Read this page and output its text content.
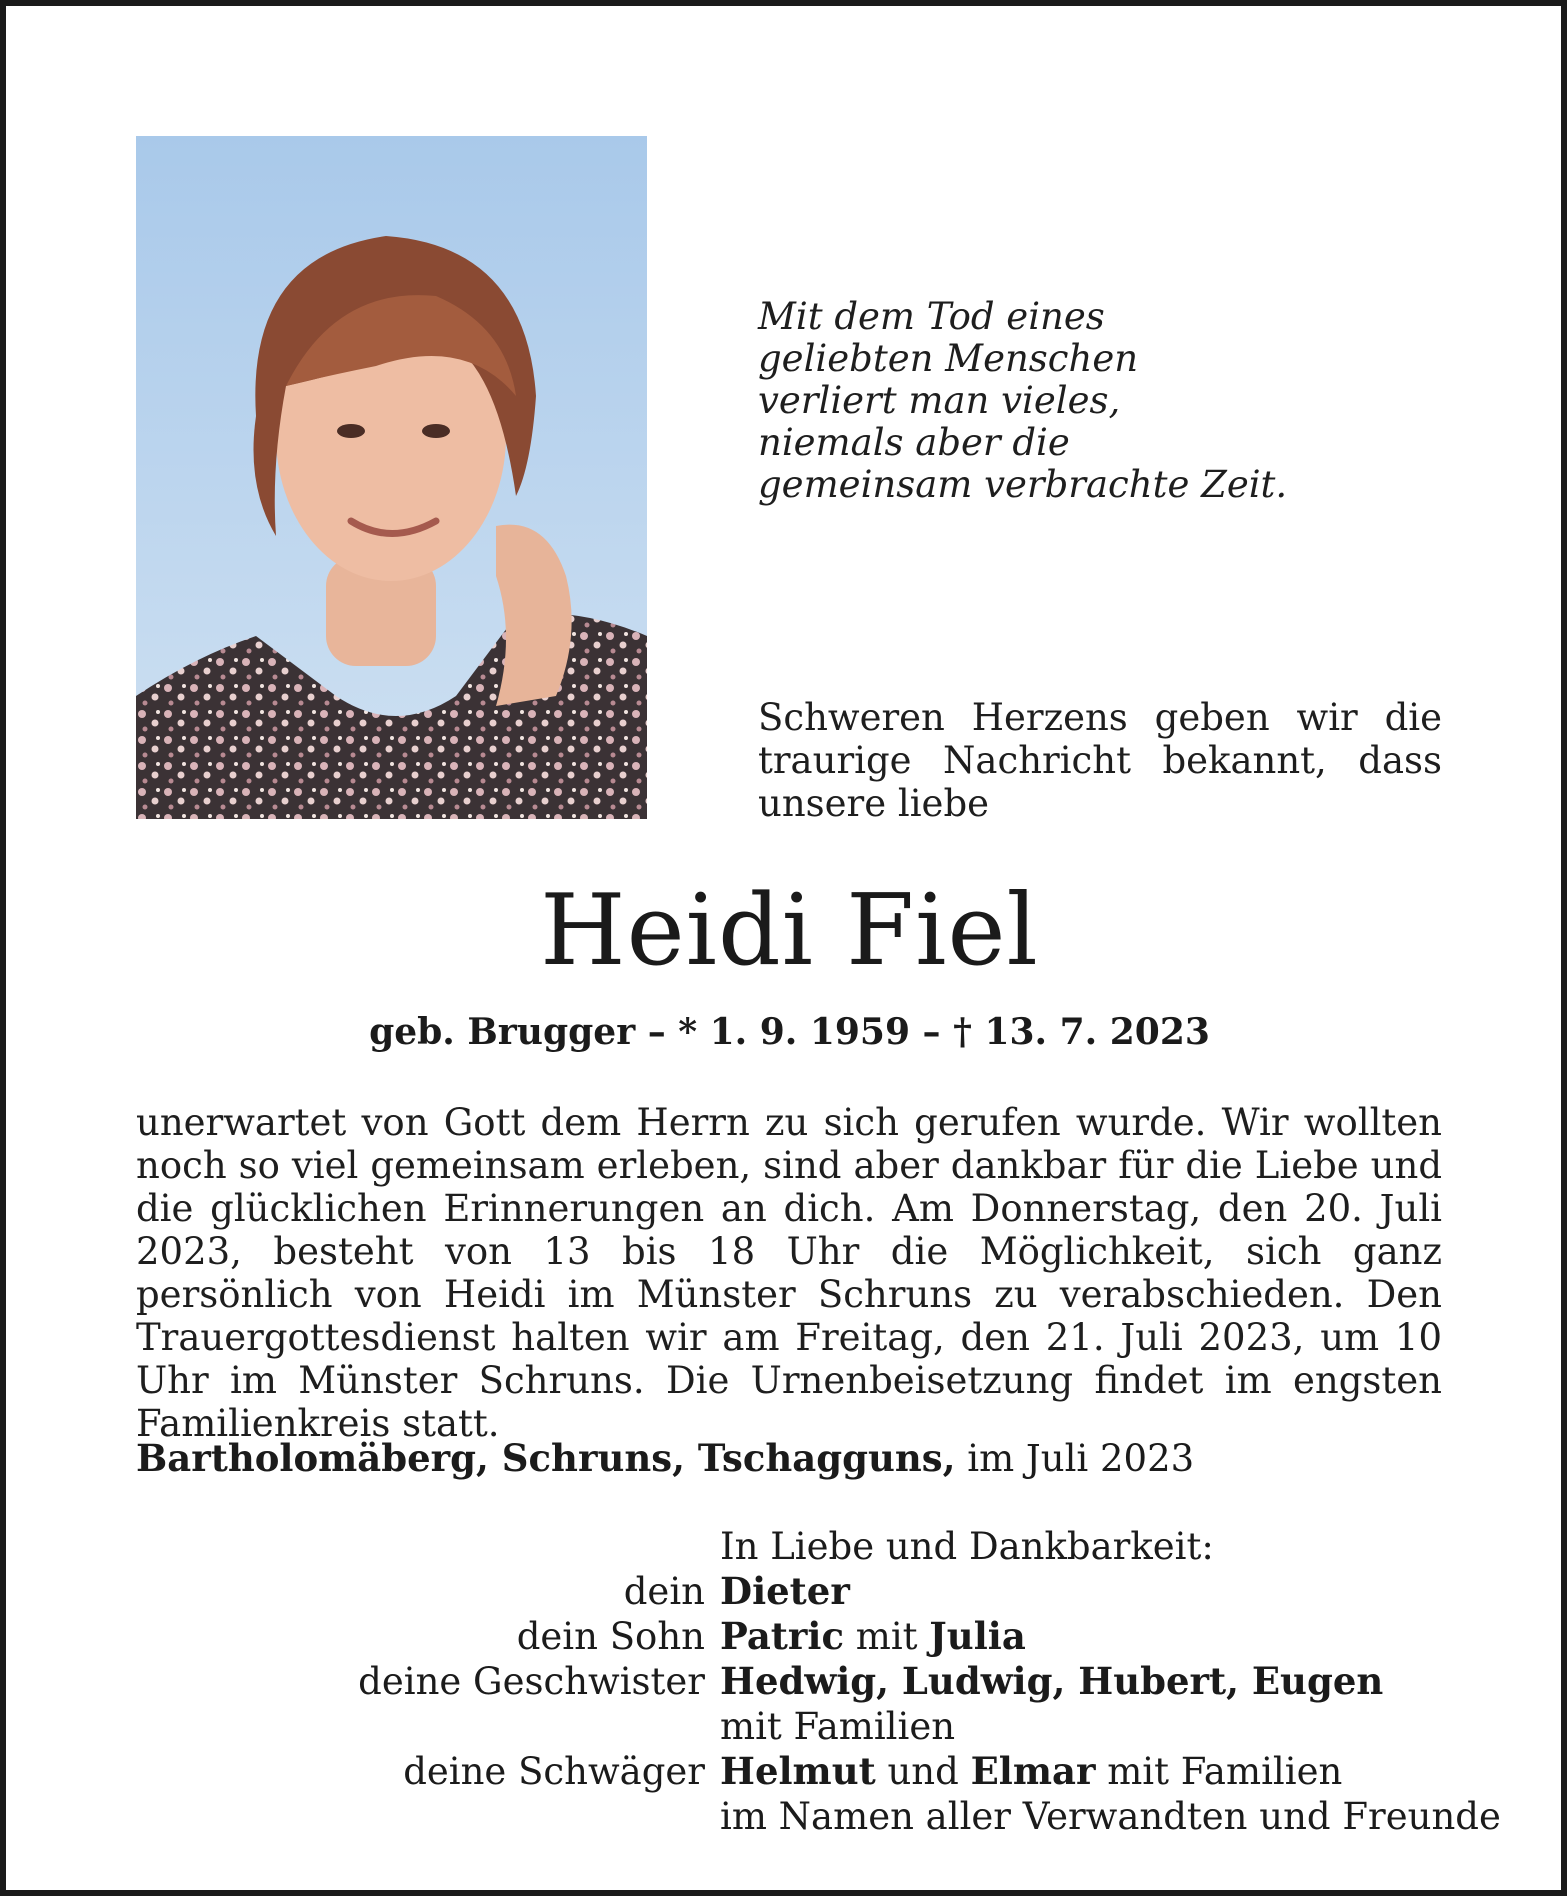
Mit dem Tod eines
geliebten Menschen
verliert man vieles,
niemals aber die
gemeinsam verbrachte Zeit.
Schweren Herzens geben wir die traurige Nachricht bekannt, dass unsere liebe
Heidi Fiel
geb. Brugger – * 1. 9. 1959 – † 13. 7. 2023
unerwartet von Gott dem Herrn zu sich gerufen wurde. Wir wollten noch so viel gemeinsam erleben, sind aber dankbar für die Liebe und die glücklichen Erinnerungen an dich. Am Donnerstag, den 20. Juli 2023, besteht von 13 bis 18 Uhr die Möglichkeit, sich ganz persönlich von Heidi im Münster Schruns zu verabschieden. Den Trauergottesdienst halten wir am Freitag, den 21. Juli 2023, um 10 Uhr im Münster Schruns. Die Urnenbeisetzung findet im engsten Familienkreis statt.
Bartholomäberg, Schruns, Tschagguns, im Juli 2023
In Liebe und Dankbarkeit:
dein Dieter
dein Sohn Patric mit Julia
deine Geschwister Hedwig, Ludwig, Hubert, Eugen
mit Familien
deine Schwäger Helmut und Elmar mit Familien
im Namen aller Verwandten und Freunde
